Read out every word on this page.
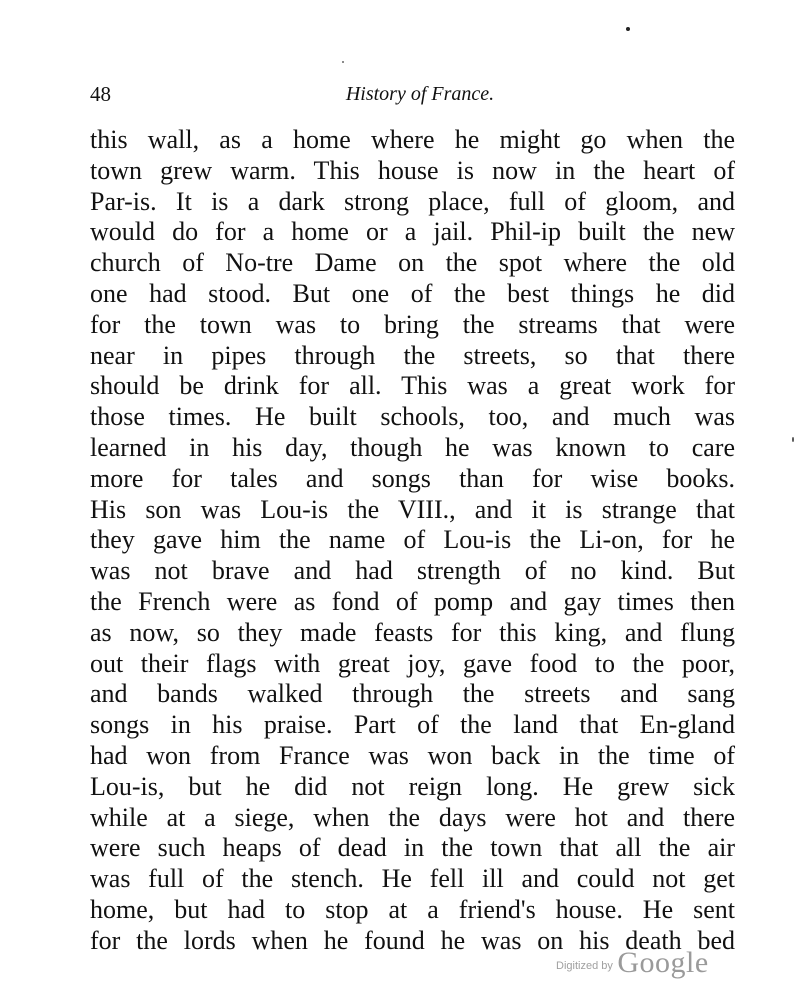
48	History of France.
this wall, as a home where he might go when the
town grew warm. This house is now in the heart of
Par-is. It is a dark strong place, full of gloom, and
would do for a home or a jail. Phil-ip built the new
church of No-tre Dame on the spot where the old
one had stood. But one of the best things he did
for the town was to bring the streams that were
near in pipes through the streets, so that there
should be drink for all. This was a great work for
those times. He built schools, too, and much was
learned in his day, though he was known to care
more for tales and songs than for wise books.
His son was Lou-is the VIII., and it is strange that
they gave him the name of Lou-is the Li-on, for he
was not brave and had strength of no kind. But
the French were as fond of pomp and gay times then
as now, so they made feasts for this king, and flung
out their flags with great joy, gave food to the poor,
and bands walked through the streets and sang
songs in his praise. Part of the land that En-gland
had won from France was won back in the time of
Lou-is, but he did not reign long. He grew sick
while at a siege, when the days were hot and there
were such heaps of dead in the town that all the air
was full of the stench. He fell ill and could not get
home, but had to stop at a friend's house. He sent
for the lords when he found he was on his death bed
Digitized by Google
